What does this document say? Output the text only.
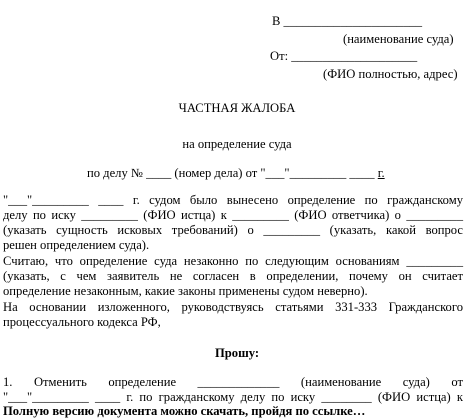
В ______________________
(наименование суда)
От: ____________________
(ФИО полностью, адрес)
ЧАСТНАЯ ЖАЛОБА
на определение суда
по делу № ____ (номер дела) от "___"_________ ____ г.
"___"_________ ____ г. судом было вынесено определение по гражданскому
делу по иску _________ (ФИО истца) к _________ (ФИО ответчика) о _________
(указать сущность исковых требований) о _________ (указать, какой вопрос
решен определением суда).
Считаю, что определение суда незаконно по следующим основаниям _________
(указать, с чем заявитель не согласен в определении, почему он считает
определение незаконным, какие законы применены судом неверно).
На основании изложенного, руководствуясь статьями 331-333 Гражданского
процессуального кодекса РФ,
Прошу:
1. Отменить определение _____________ (наименование суда) от
"___"_________ ____ г. по гражданскому делу по иску ________ (ФИО истца) к
Полную версию документа можно скачать, пройдя по ссылке…
